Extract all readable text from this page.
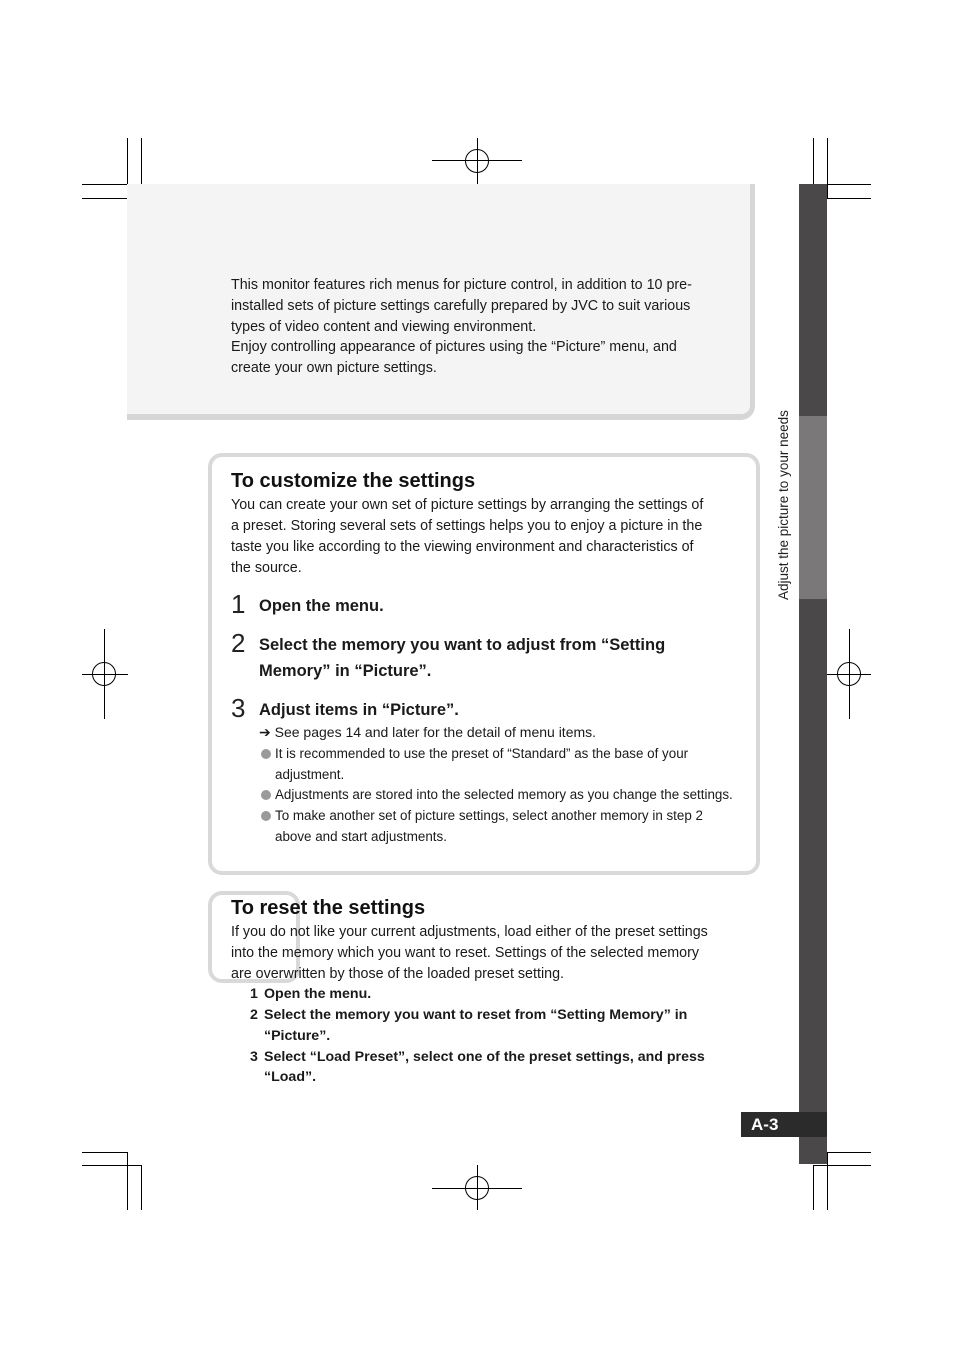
This monitor features rich menus for picture control, in addition to 10 pre-

installed sets of picture settings carefully prepared by JVC to suit various

types of video content and viewing environment.

Enjoy controlling appearance of pictures using the “Picture” menu, and

create your own picture settings.

To customize the settings
You can create your own set of picture settings by arranging the settings of
a preset. Storing several sets of settings helps you to enjoy a picture in the
taste you like according to the viewing environment and characteristics of
the source.
1 Open the menu.
2 Select the memory you want to adjust from “Setting
Memory” in “Picture”.
3 Adjust items in “Picture”.
➔ See pages 14 and later for the detail of menu items.
It is recommended to use the preset of “Standard” as the base of your
adjustment.
Adjustments are stored into the selected memory as you change the settings.
To make another set of picture settings, select another memory in step 2
above and start adjustments.
To reset the settings
If you do not like your current adjustments, load either of the preset settings
into the memory which you want to reset. Settings of the selected memory
are overwritten by those of the loaded preset setting.
1 Open the menu.
2 Select the memory you want to reset from “Setting Memory” in
“Picture”.
3 Select “Load Preset”, select one of the preset settings, and press
“Load”.
Adjust the picture to your needs
A-3
